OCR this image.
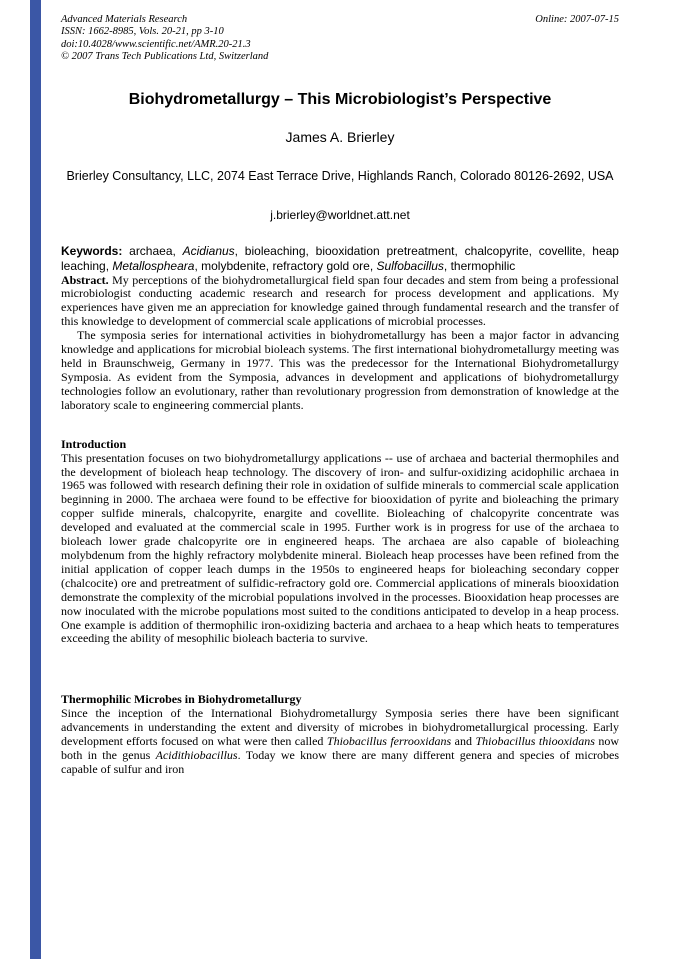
Advanced Materials Research
ISSN: 1662-8985, Vols. 20-21, pp 3-10
doi:10.4028/www.scientific.net/AMR.20-21.3
© 2007 Trans Tech Publications Ltd, Switzerland
Online: 2007-07-15
Biohydrometallurgy – This Microbiologist’s Perspective
James A. Brierley
Brierley Consultancy, LLC, 2074 East Terrace Drive, Highlands Ranch, Colorado 80126-2692, USA
j.brierley@worldnet.att.net

Keywords: archaea, Acidianus, bioleaching, biooxidation pretreatment, chalcopyrite, covellite, heap leaching, Metallospheara, molybdenite, refractory gold ore, Sulfobacillus, thermophilic

Abstract. My perceptions of the biohydrometallurgical field span four decades and stem from being a professional microbiologist conducting academic research and research for process development and applications. My experiences have given me an appreciation for knowledge gained through fundamental research and the transfer of this knowledge to development of commercial scale applications of microbial processes.

The symposia series for international activities in biohydrometallurgy has been a major factor in advancing knowledge and applications for microbial bioleach systems. The first international biohydrometallurgy meeting was held in Braunschweig, Germany in 1977. This was the predecessor for the International Biohydrometallurgy Symposia. As evident from the Symposia, advances in development and applications of biohydrometallurgy technologies follow an evolutionary, rather than revolutionary progression from demonstration of knowledge at the laboratory scale to engineering commercial plants.

Introduction

This presentation focuses on two biohydrometallurgy applications -- use of archaea and bacterial thermophiles and the development of bioleach heap technology. The discovery of iron- and sulfur-oxidizing acidophilic archaea in 1965 was followed with research defining their role in oxidation of sulfide minerals to commercial scale application beginning in 2000. The archaea were found to be effective for biooxidation of pyrite and bioleaching the primary copper sulfide minerals, chalcopyrite, enargite and covellite. Bioleaching of chalcopyrite concentrate was developed and evaluated at the commercial scale in 1995. Further work is in progress for use of the archaea to bioleach lower grade chalcopyrite ore in engineered heaps. The archaea are also capable of bioleaching molybdenum from the highly refractory molybdenite mineral. Bioleach heap processes have been refined from the initial application of copper leach dumps in the 1950s to engineered heaps for bioleaching secondary copper (chalcocite) ore and pretreatment of sulfidic-refractory gold ore. Commercial applications of minerals biooxidation demonstrate the complexity of the microbial populations involved in the processes. Biooxidation heap processes are now inoculated with the microbe populations most suited to the conditions anticipated to develop in a heap process. One example is addition of thermophilic iron-oxidizing bacteria and archaea to a heap which heats to temperatures exceeding the ability of mesophilic bioleach bacteria to survive.

Thermophilic Microbes in Biohydrometallurgy

Since the inception of the International Biohydrometallurgy Symposia series there have been significant advancements in understanding the extent and diversity of microbes in biohydrometallurgical processing. Early development efforts focused on what were then called Thiobacillus ferrooxidans and Thiobacillus thiooxidans now both in the genus Acidithiobacillus. Today we know there are many different genera and species of microbes capable of sulfur and iron
